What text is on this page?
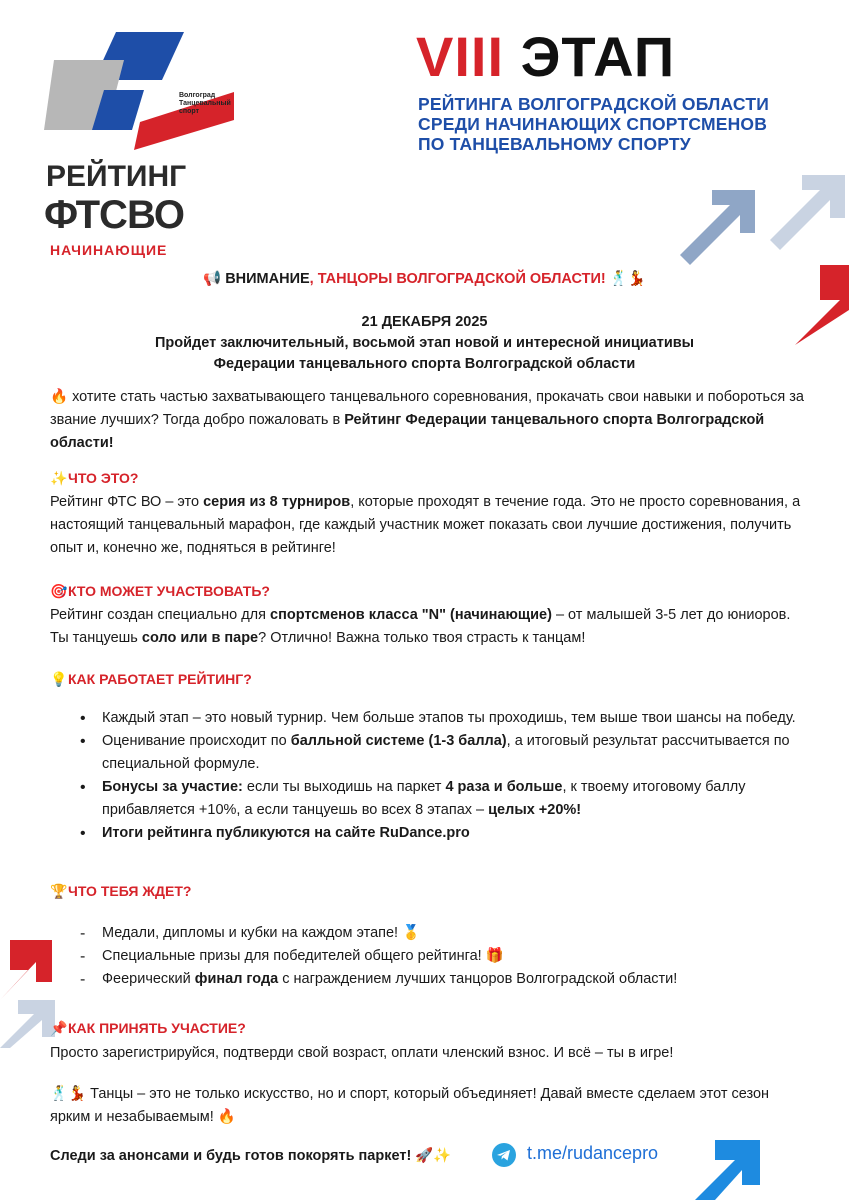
Волгоград
Танцевальный
спорт
РЕЙТИНГ
ФТСВО
НАЧИНАЮЩИЕ
VIII ЭТАП
РЕЙТИНГА ВОЛГОГРАДСКОЙ ОБЛАСТИ
СРЕДИ НАЧИНАЮЩИХ СПОРТСМЕНОВ
ПО ТАНЦЕВАЛЬНОМУ СПОРТУ
📢 ВНИМАНИЕ, ТАНЦОРЫ ВОЛГОГРАДСКОЙ ОБЛАСТИ! 🕺💃
21 ДЕКАБРЯ 2025
Пройдет заключительный, восьмой этап новой и интересной инициативы
Федерации танцевального спорта Волгоградской области
🔥 хотите стать частью захватывающего танцевального соревнования, прокачать свои навыки и побороться за звание лучших? Тогда добро пожаловать в Рейтинг Федерации танцевального спорта Волгоградской области!
✨ЧТО ЭТО?
Рейтинг ФТС ВО – это серия из 8 турниров, которые проходят в течение года. Это не просто соревнования, а настоящий танцевальный марафон, где каждый участник может показать свои лучшие достижения, получить опыт и, конечно же, подняться в рейтинге!
🎯КТО МОЖЕТ УЧАСТВОВАТЬ?
Рейтинг создан специально для спортсменов класса "N" (начинающие) – от малышей 3-5 лет до юниоров. Ты танцуешь соло или в паре? Отлично! Важна только твоя страсть к танцам!
💡КАК РАБОТАЕТ РЕЙТИНГ?
• Каждый этап – это новый турнир. Чем больше этапов ты проходишь, тем выше твои шансы на победу.
• Оценивание происходит по балльной системе (1-3 балла), а итоговый результат рассчитывается по специальной формуле.
• Бонусы за участие: если ты выходишь на паркет 4 раза и больше, к твоему итоговому баллу прибавляется +10%, а если танцуешь во всех 8 этапах – целых +20%!
• Итоги рейтинга публикуются на сайте RuDance.pro
🏆ЧТО ТЕБЯ ЖДЕТ?
- Медали, дипломы и кубки на каждом этапе! 🥇
- Специальные призы для победителей общего рейтинга! 🎁
- Феерический финал года с награждением лучших танцоров Волгоградской области!
📌КАК ПРИНЯТЬ УЧАСТИЕ?
Просто зарегистрируйся, подтверди свой возраст, оплати членский взнос. И всё – ты в игре!
🕺💃 Танцы – это не только искусство, но и спорт, который объединяет! Давай вместе сделаем этот сезон ярким и незабываемым! 🔥
Следи за анонсами и будь готов покорять паркет! 🚀✨	t.me/rudancepro
